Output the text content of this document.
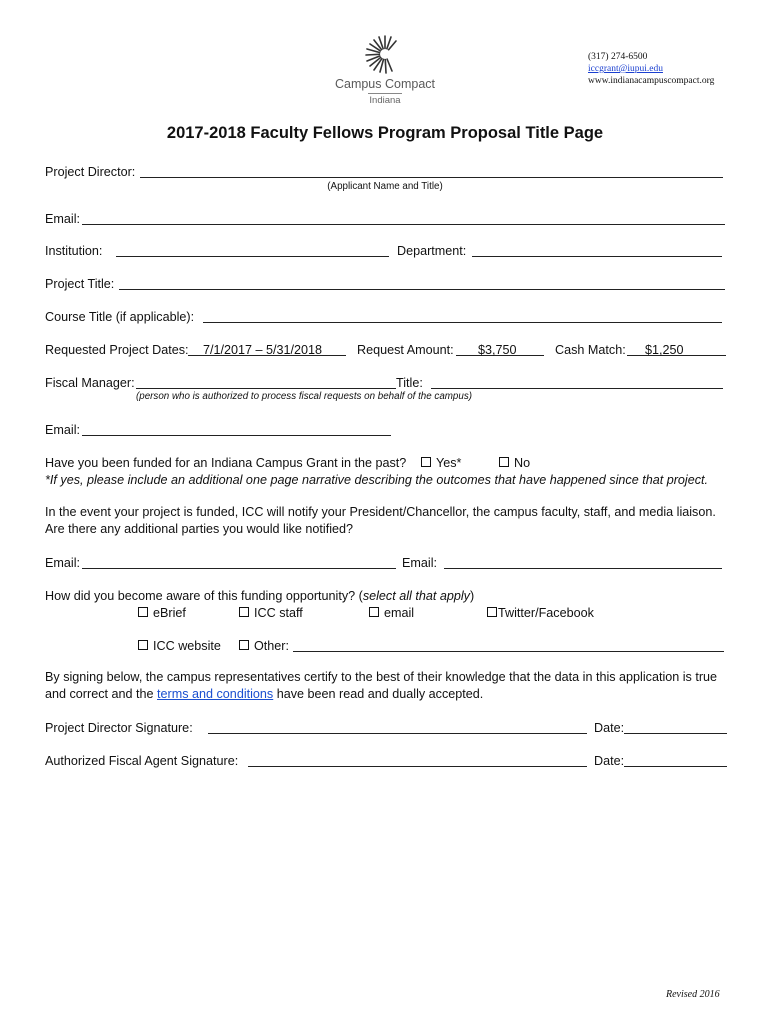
Campus Compact
Indiana
(317) 274-6500
iccgrant@iupui.edu
www.indianacampuscompact.org
2017-2018 Faculty Fellows Program Proposal Title Page
Project Director:
(Applicant Name and Title)
Email:
Institution:	Department:
Project Title:
Course Title (if applicable):
Requested Project Dates: 7/1/2017 – 5/31/2018	Request Amount: $3,750	Cash Match: $1,250
Fiscal Manager:	Title:
(person who is authorized to process fiscal requests on behalf of the campus)
Email:
Have you been funded for an Indiana Campus Grant in the past?	Yes*	No
*If yes, please include an additional one page narrative describing the outcomes that have happened since that project.
In the event your project is funded, ICC will notify your President/Chancellor, the campus faculty, staff, and media liaison. Are there any additional parties you would like notified?
Email:	Email:
How did you become aware of this funding opportunity? (select all that apply)
eBrief	ICC staff	email	Twitter/Facebook
ICC website	Other:
By signing below, the campus representatives certify to the best of their knowledge that the data in this application is true and correct and the terms and conditions have been read and dually accepted.
Project Director Signature:	Date:
Authorized Fiscal Agent Signature:	Date:
Revised 2016
